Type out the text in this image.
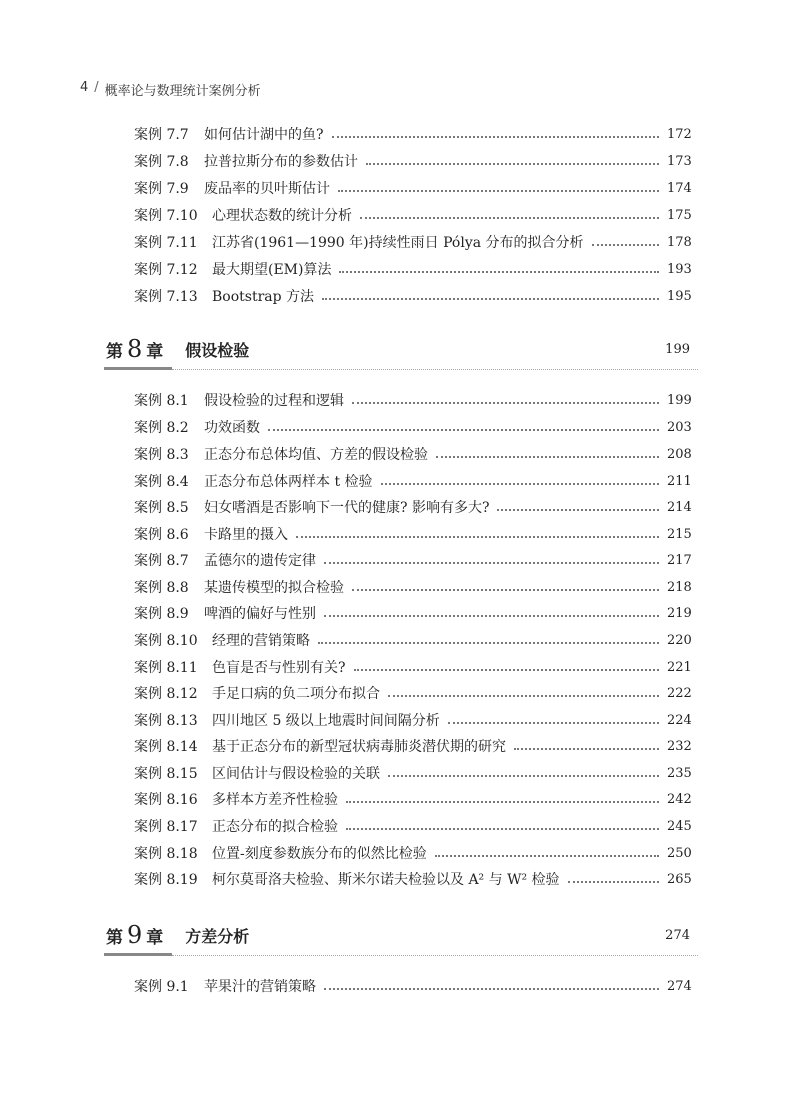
4 / 概率论与数理统计案例分析
案例 7.7	如何估计湖中的鱼?	172
案例 7.8	拉普拉斯分布的参数估计	173
案例 7.9	废品率的贝叶斯估计	174
案例 7.10	心理状态数的统计分析	175
案例 7.11	江苏省(1961—1990 年)持续性雨日 Pólya 分布的拟合分析	178
案例 7.12	最大期望(EM)算法	193
案例 7.13	Bootstrap 方法	195
第 8 章 假设检验	199
案例 8.1	假设检验的过程和逻辑	199
案例 8.2	功效函数	203
案例 8.3	正态分布总体均值、方差的假设检验	208
案例 8.4	正态分布总体两样本 t 检验	211
案例 8.5	妇女嗜酒是否影响下一代的健康? 影响有多大?	214
案例 8.6	卡路里的摄入	215
案例 8.7	孟德尔的遗传定律	217
案例 8.8	某遗传模型的拟合检验	218
案例 8.9	啤酒的偏好与性别	219
案例 8.10	经理的营销策略	220
案例 8.11	色盲是否与性别有关?	221
案例 8.12	手足口病的负二项分布拟合	222
案例 8.13	四川地区 5 级以上地震时间间隔分析	224
案例 8.14	基于正态分布的新型冠状病毒肺炎潜伏期的研究	232
案例 8.15	区间估计与假设检验的关联	235
案例 8.16	多样本方差齐性检验	242
案例 8.17	正态分布的拟合检验	245
案例 8.18	位置-刻度参数族分布的似然比检验	250
案例 8.19	柯尔莫哥洛夫检验、斯米尔诺夫检验以及 A² 与 W² 检验	265
第 9 章 方差分析	274
案例 9.1	苹果汁的营销策略	274
